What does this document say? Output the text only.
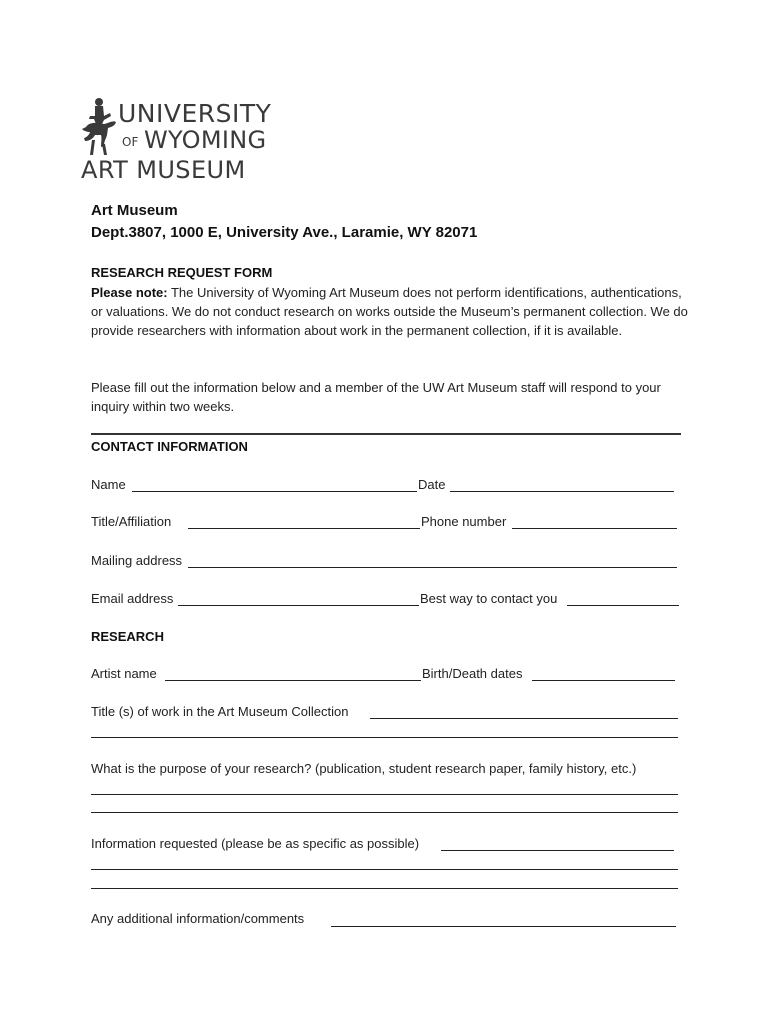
UNIVERSITY
OF WYOMING
ART MUSEUM
Art Museum
Dept.3807, 1000 E, University Ave., Laramie, WY 82071
RESEARCH REQUEST FORM
Please note: The University of Wyoming Art Museum does not perform identifications, authentications, or valuations. We do not conduct research on works outside the Museum’s permanent collection. We do provide researchers with information about work in the permanent collection, if it is available.
Please fill out the information below and a member of the UW Art Museum staff will respond to your inquiry within two weeks.
CONTACT INFORMATION
Name	Date
Title/Affiliation	Phone number
Mailing address
Email address	Best way to contact you
RESEARCH
Artist name	Birth/Death dates
Title (s) of work in the Art Museum Collection
What is the purpose of your research? (publication, student research paper, family history, etc.)
Information requested (please be as specific as possible)
Any additional information/comments
